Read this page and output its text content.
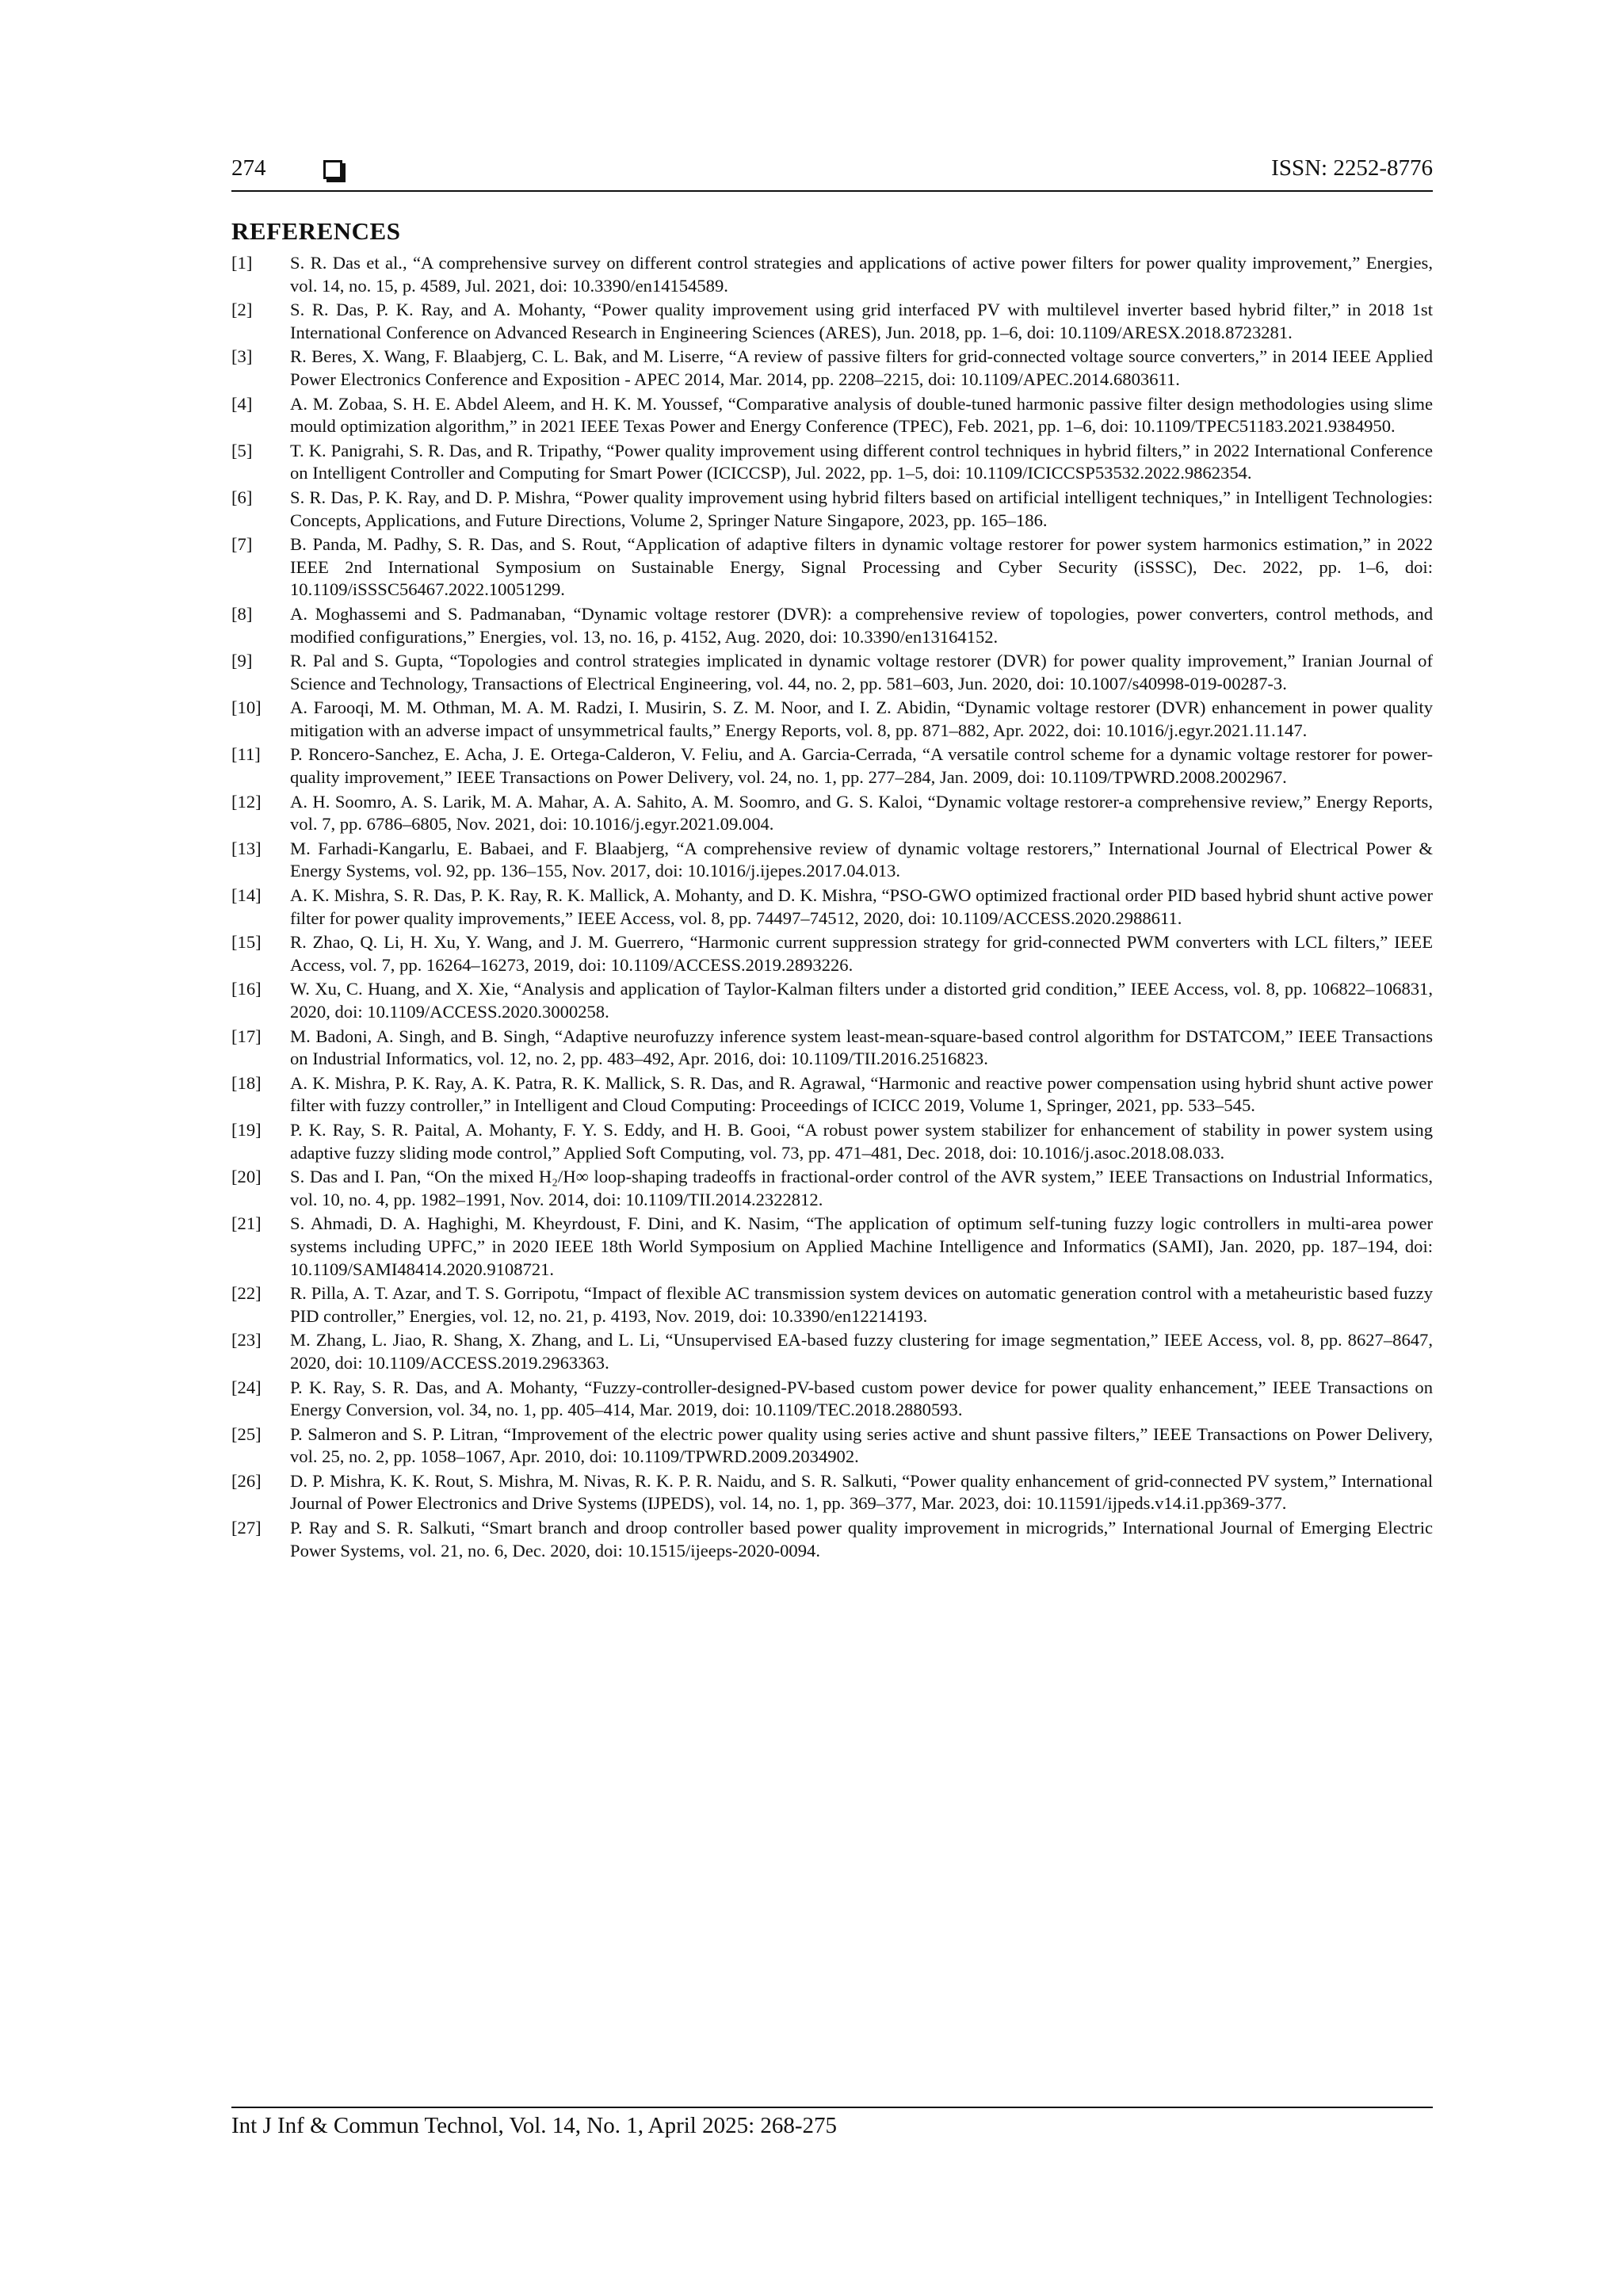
274	ISSN: 2252-8776
REFERENCES
[1]	S. R. Das et al., “A comprehensive survey on different control strategies and applications of active power filters for power quality improvement,” Energies, vol. 14, no. 15, p. 4589, Jul. 2021, doi: 10.3390/en14154589.
[2]	S. R. Das, P. K. Ray, and A. Mohanty, “Power quality improvement using grid interfaced PV with multilevel inverter based hybrid filter,” in 2018 1st International Conference on Advanced Research in Engineering Sciences (ARES), Jun. 2018, pp. 1–6, doi: 10.1109/ARESX.2018.8723281.
[3]	R. Beres, X. Wang, F. Blaabjerg, C. L. Bak, and M. Liserre, “A review of passive filters for grid-connected voltage source converters,” in 2014 IEEE Applied Power Electronics Conference and Exposition - APEC 2014, Mar. 2014, pp. 2208–2215, doi: 10.1109/APEC.2014.6803611.
[4]	A. M. Zobaa, S. H. E. Abdel Aleem, and H. K. M. Youssef, “Comparative analysis of double-tuned harmonic passive filter design methodologies using slime mould optimization algorithm,” in 2021 IEEE Texas Power and Energy Conference (TPEC), Feb. 2021, pp. 1–6, doi: 10.1109/TPEC51183.2021.9384950.
[5]	T. K. Panigrahi, S. R. Das, and R. Tripathy, “Power quality improvement using different control techniques in hybrid filters,” in 2022 International Conference on Intelligent Controller and Computing for Smart Power (ICICCSP), Jul. 2022, pp. 1–5, doi: 10.1109/ICICCSP53532.2022.9862354.
[6]	S. R. Das, P. K. Ray, and D. P. Mishra, “Power quality improvement using hybrid filters based on artificial intelligent techniques,” in Intelligent Technologies: Concepts, Applications, and Future Directions, Volume 2, Springer Nature Singapore, 2023, pp. 165–186.
[7]	B. Panda, M. Padhy, S. R. Das, and S. Rout, “Application of adaptive filters in dynamic voltage restorer for power system harmonics estimation,” in 2022 IEEE 2nd International Symposium on Sustainable Energy, Signal Processing and Cyber Security (iSSSC), Dec. 2022, pp. 1–6, doi: 10.1109/iSSSC56467.2022.10051299.
[8]	A. Moghassemi and S. Padmanaban, “Dynamic voltage restorer (DVR): a comprehensive review of topologies, power converters, control methods, and modified configurations,” Energies, vol. 13, no. 16, p. 4152, Aug. 2020, doi: 10.3390/en13164152.
[9]	R. Pal and S. Gupta, “Topologies and control strategies implicated in dynamic voltage restorer (DVR) for power quality improvement,” Iranian Journal of Science and Technology, Transactions of Electrical Engineering, vol. 44, no. 2, pp. 581–603, Jun. 2020, doi: 10.1007/s40998-019-00287-3.
[10]	A. Farooqi, M. M. Othman, M. A. M. Radzi, I. Musirin, S. Z. M. Noor, and I. Z. Abidin, “Dynamic voltage restorer (DVR) enhancement in power quality mitigation with an adverse impact of unsymmetrical faults,” Energy Reports, vol. 8, pp. 871–882, Apr. 2022, doi: 10.1016/j.egyr.2021.11.147.
[11]	P. Roncero-Sanchez, E. Acha, J. E. Ortega-Calderon, V. Feliu, and A. Garcia-Cerrada, “A versatile control scheme for a dynamic voltage restorer for power-quality improvement,” IEEE Transactions on Power Delivery, vol. 24, no. 1, pp. 277–284, Jan. 2009, doi: 10.1109/TPWRD.2008.2002967.
[12]	A. H. Soomro, A. S. Larik, M. A. Mahar, A. A. Sahito, A. M. Soomro, and G. S. Kaloi, “Dynamic voltage restorer-a comprehensive review,” Energy Reports, vol. 7, pp. 6786–6805, Nov. 2021, doi: 10.1016/j.egyr.2021.09.004.
[13]	M. Farhadi-Kangarlu, E. Babaei, and F. Blaabjerg, “A comprehensive review of dynamic voltage restorers,” International Journal of Electrical Power & Energy Systems, vol. 92, pp. 136–155, Nov. 2017, doi: 10.1016/j.ijepes.2017.04.013.
[14]	A. K. Mishra, S. R. Das, P. K. Ray, R. K. Mallick, A. Mohanty, and D. K. Mishra, “PSO-GWO optimized fractional order PID based hybrid shunt active power filter for power quality improvements,” IEEE Access, vol. 8, pp. 74497–74512, 2020, doi: 10.1109/ACCESS.2020.2988611.
[15]	R. Zhao, Q. Li, H. Xu, Y. Wang, and J. M. Guerrero, “Harmonic current suppression strategy for grid-connected PWM converters with LCL filters,” IEEE Access, vol. 7, pp. 16264–16273, 2019, doi: 10.1109/ACCESS.2019.2893226.
[16]	W. Xu, C. Huang, and X. Xie, “Analysis and application of Taylor-Kalman filters under a distorted grid condition,” IEEE Access, vol. 8, pp. 106822–106831, 2020, doi: 10.1109/ACCESS.2020.3000258.
[17]	M. Badoni, A. Singh, and B. Singh, “Adaptive neurofuzzy inference system least-mean-square-based control algorithm for DSTATCOM,” IEEE Transactions on Industrial Informatics, vol. 12, no. 2, pp. 483–492, Apr. 2016, doi: 10.1109/TII.2016.2516823.
[18]	A. K. Mishra, P. K. Ray, A. K. Patra, R. K. Mallick, S. R. Das, and R. Agrawal, “Harmonic and reactive power compensation using hybrid shunt active power filter with fuzzy controller,” in Intelligent and Cloud Computing: Proceedings of ICICC 2019, Volume 1, Springer, 2021, pp. 533–545.
[19]	P. K. Ray, S. R. Paital, A. Mohanty, F. Y. S. Eddy, and H. B. Gooi, “A robust power system stabilizer for enhancement of stability in power system using adaptive fuzzy sliding mode control,” Applied Soft Computing, vol. 73, pp. 471–481, Dec. 2018, doi: 10.1016/j.asoc.2018.08.033.
[20]	S. Das and I. Pan, “On the mixed H₂/H∞ loop-shaping tradeoffs in fractional-order control of the AVR system,” IEEE Transactions on Industrial Informatics, vol. 10, no. 4, pp. 1982–1991, Nov. 2014, doi: 10.1109/TII.2014.2322812.
[21]	S. Ahmadi, D. A. Haghighi, M. Kheyrdoust, F. Dini, and K. Nasim, “The application of optimum self-tuning fuzzy logic controllers in multi-area power systems including UPFC,” in 2020 IEEE 18th World Symposium on Applied Machine Intelligence and Informatics (SAMI), Jan. 2020, pp. 187–194, doi: 10.1109/SAMI48414.2020.9108721.
[22]	R. Pilla, A. T. Azar, and T. S. Gorripotu, “Impact of flexible AC transmission system devices on automatic generation control with a metaheuristic based fuzzy PID controller,” Energies, vol. 12, no. 21, p. 4193, Nov. 2019, doi: 10.3390/en12214193.
[23]	M. Zhang, L. Jiao, R. Shang, X. Zhang, and L. Li, “Unsupervised EA-based fuzzy clustering for image segmentation,” IEEE Access, vol. 8, pp. 8627–8647, 2020, doi: 10.1109/ACCESS.2019.2963363.
[24]	P. K. Ray, S. R. Das, and A. Mohanty, “Fuzzy-controller-designed-PV-based custom power device for power quality enhancement,” IEEE Transactions on Energy Conversion, vol. 34, no. 1, pp. 405–414, Mar. 2019, doi: 10.1109/TEC.2018.2880593.
[25]	P. Salmeron and S. P. Litran, “Improvement of the electric power quality using series active and shunt passive filters,” IEEE Transactions on Power Delivery, vol. 25, no. 2, pp. 1058–1067, Apr. 2010, doi: 10.1109/TPWRD.2009.2034902.
[26]	D. P. Mishra, K. K. Rout, S. Mishra, M. Nivas, R. K. P. R. Naidu, and S. R. Salkuti, “Power quality enhancement of grid-connected PV system,” International Journal of Power Electronics and Drive Systems (IJPEDS), vol. 14, no. 1, pp. 369–377, Mar. 2023, doi: 10.11591/ijpeds.v14.i1.pp369-377.
[27]	P. Ray and S. R. Salkuti, “Smart branch and droop controller based power quality improvement in microgrids,” International Journal of Emerging Electric Power Systems, vol. 21, no. 6, Dec. 2020, doi: 10.1515/ijeeps-2020-0094.
Int J Inf & Commun Technol, Vol. 14, No. 1, April 2025: 268-275
